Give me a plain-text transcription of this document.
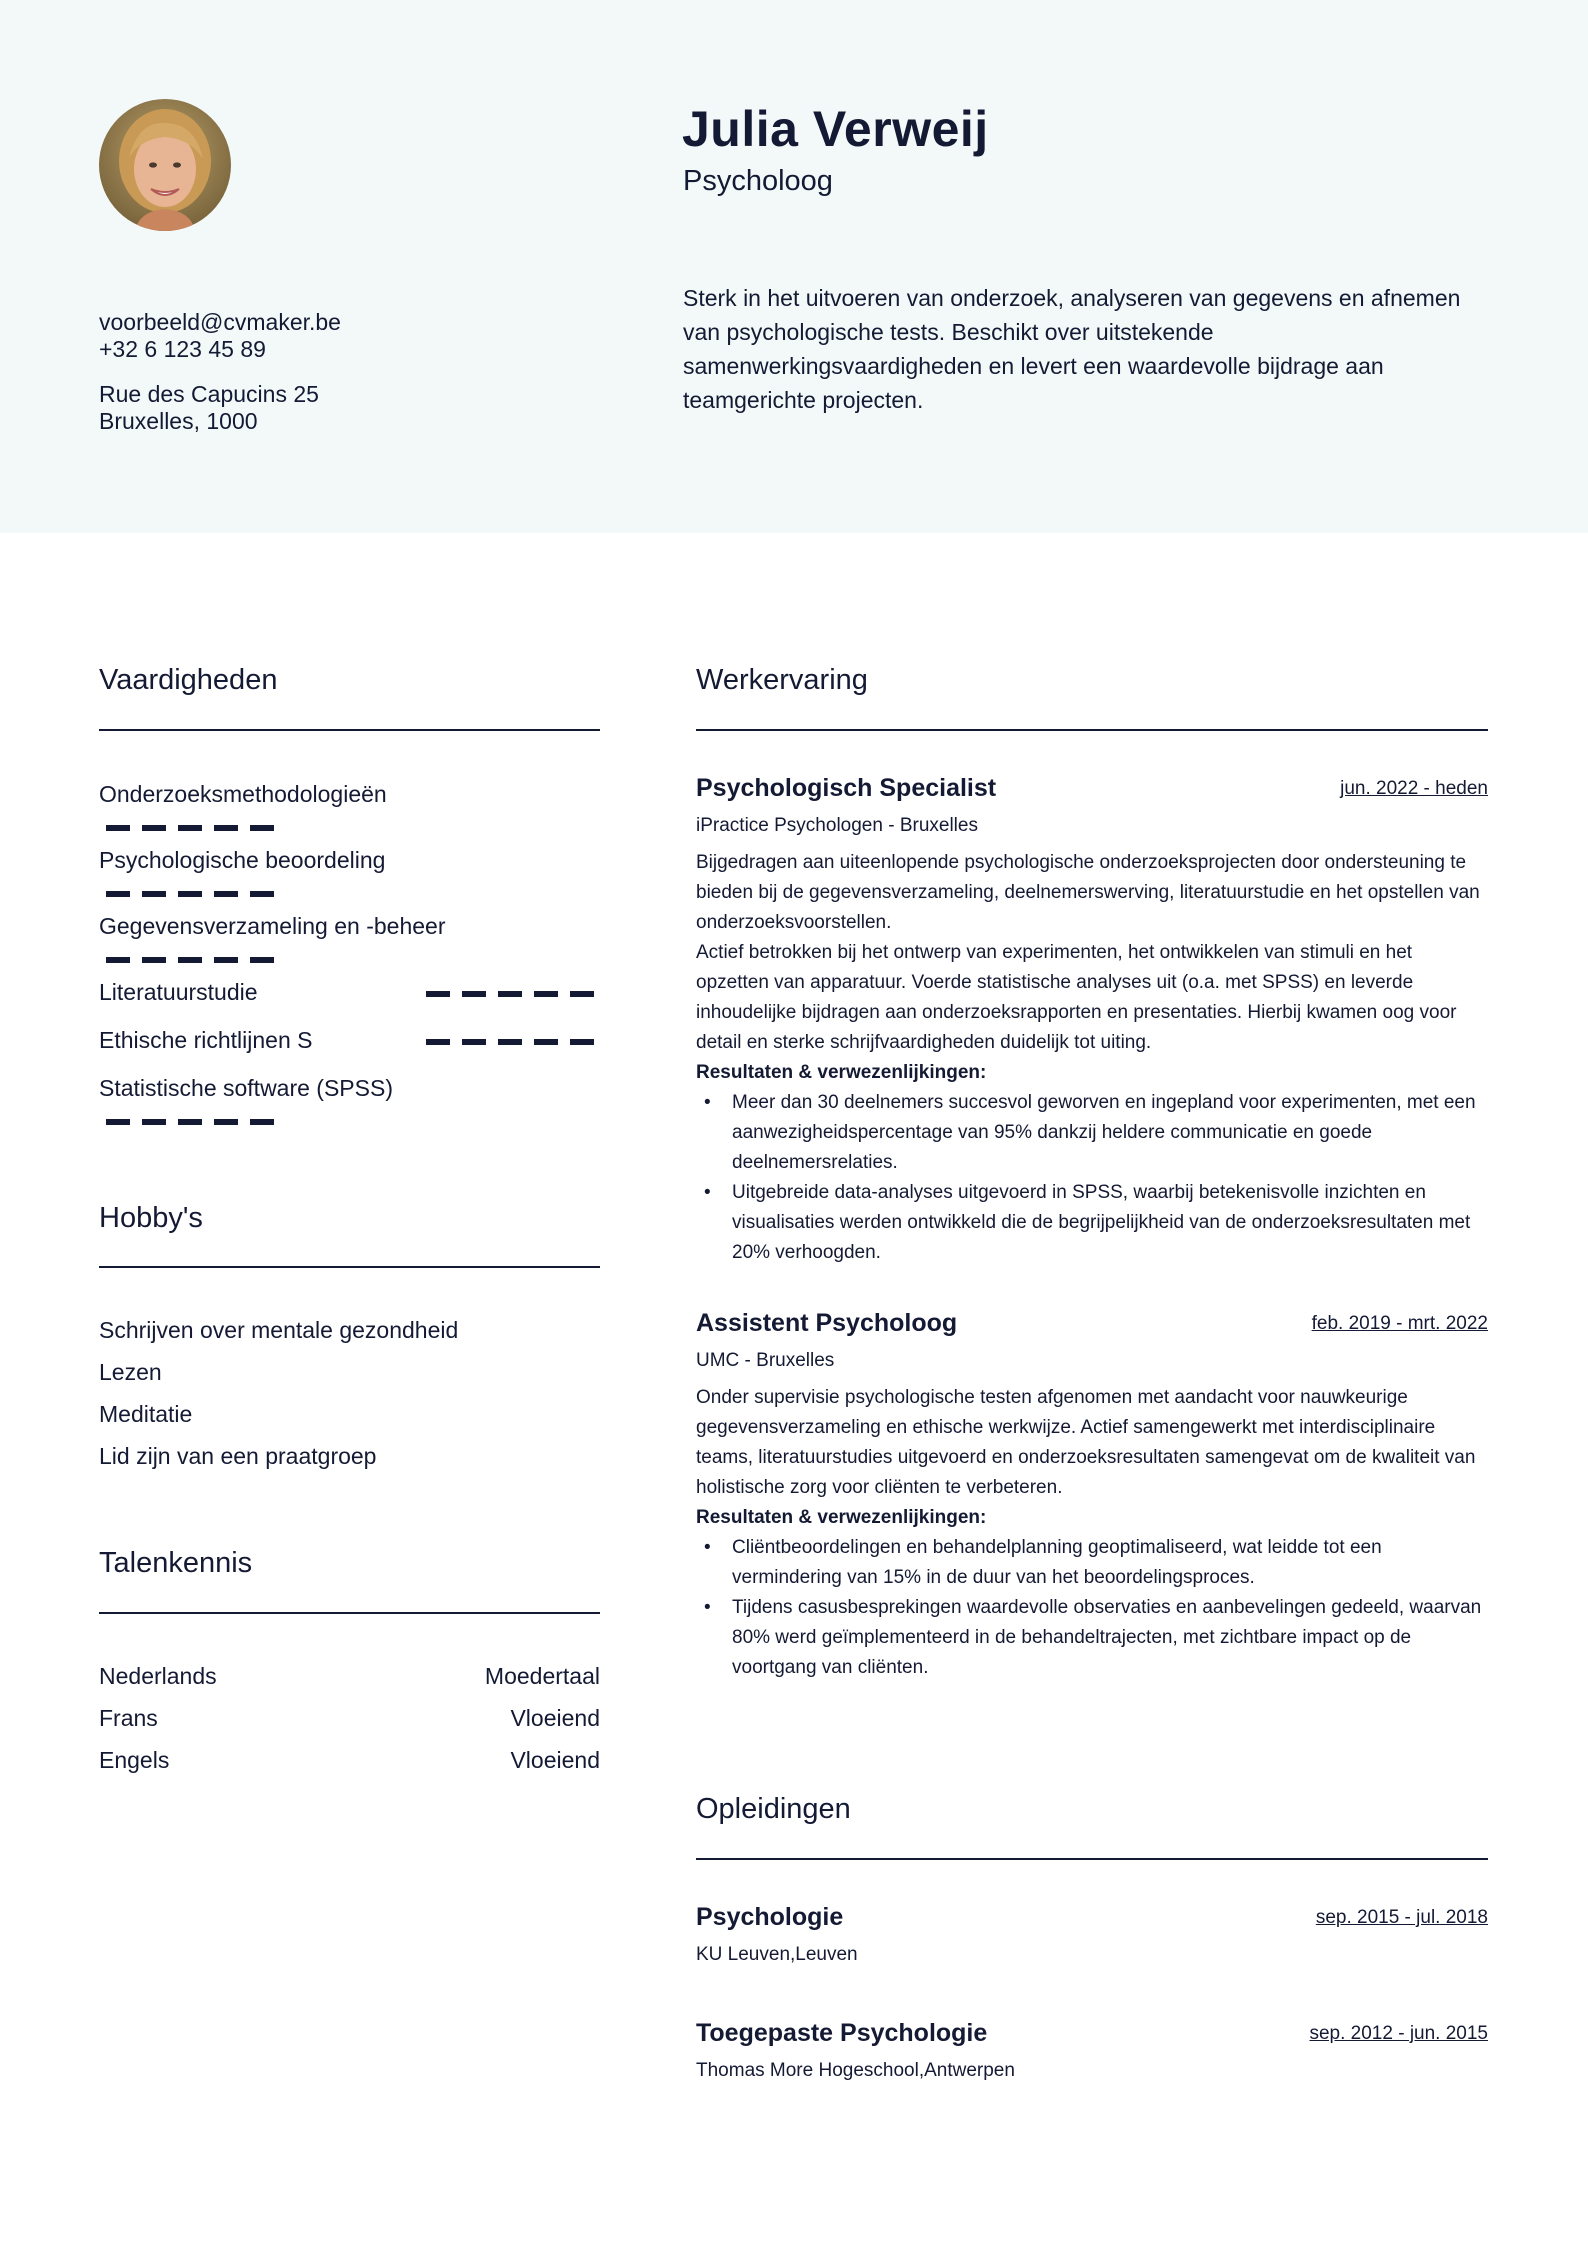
voorbeeld@cvmaker.be
+32 6 123 45 89
Rue des Capucins 25
Bruxelles, 1000
Julia Verweij
Psycholoog
Sterk in het uitvoeren van onderzoek, analyseren van gegevens en afnemen van psychologische tests. Beschikt over uitstekende samenwerkingsvaardigheden en levert een waardevolle bijdrage aan teamgerichte projecten.
Vaardigheden
Onderzoeksmethodologieën
Psychologische beoordeling
Gegevensverzameling en -beheer
Literatuurstudie
Ethische richtlijnen S
Statistische software (SPSS)
Hobby's
Schrijven over mentale gezondheid
Lezen
Meditatie
Lid zijn van een praatgroep
Talenkennis
Nederlands	Moedertaal
Frans	Vloeiend
Engels	Vloeiend
Werkervaring
Psychologisch Specialist	jun. 2022 - heden
iPractice Psychologen - Bruxelles

Bijgedragen aan uiteenlopende psychologische onderzoeksprojecten door ondersteuning te bieden bij de gegevensverzameling, deelnemerswerving, literatuurstudie en het opstellen van onderzoeksvoorstellen.

Actief betrokken bij het ontwerp van experimenten, het ontwikkelen van stimuli en het opzetten van apparatuur. Voerde statistische analyses uit (o.a. met SPSS) en leverde inhoudelijke bijdragen aan onderzoeksrapporten en presentaties. Hierbij kwamen oog voor detail en sterke schrijfvaardigheden duidelijk tot uiting.

Resultaten & verwezenlijkingen:

• Meer dan 30 deelnemers succesvol geworven en ingepland voor experimenten, met een aanwezigheidspercentage van 95% dankzij heldere communicatie en goede deelnemersrelaties.
• Uitgebreide data-analyses uitgevoerd in SPSS, waarbij betekenisvolle inzichten en visualisaties werden ontwikkeld die de begrijpelijkheid van de onderzoeksresultaten met 20% verhoogden.
Assistent Psycholoog	feb. 2019 - mrt. 2022
UMC - Bruxelles

Onder supervisie psychologische testen afgenomen met aandacht voor nauwkeurige gegevensverzameling en ethische werkwijze. Actief samengewerkt met interdisciplinaire teams, literatuurstudies uitgevoerd en onderzoeksresultaten samengevat om de kwaliteit van holistische zorg voor cliënten te verbeteren.

Resultaten & verwezenlijkingen:

• Cliëntbeoordelingen en behandelplanning geoptimaliseerd, wat leidde tot een vermindering van 15% in de duur van het beoordelingsproces.
• Tijdens casusbesprekingen waardevolle observaties en aanbevelingen gedeeld, waarvan 80% werd geïmplementeerd in de behandeltrajecten, met zichtbare impact op de voortgang van cliënten.
Opleidingen
Psychologie	sep. 2015 - jul. 2018
KU Leuven,Leuven
Toegepaste Psychologie	sep. 2012 - jun. 2015
Thomas More Hogeschool,Antwerpen
